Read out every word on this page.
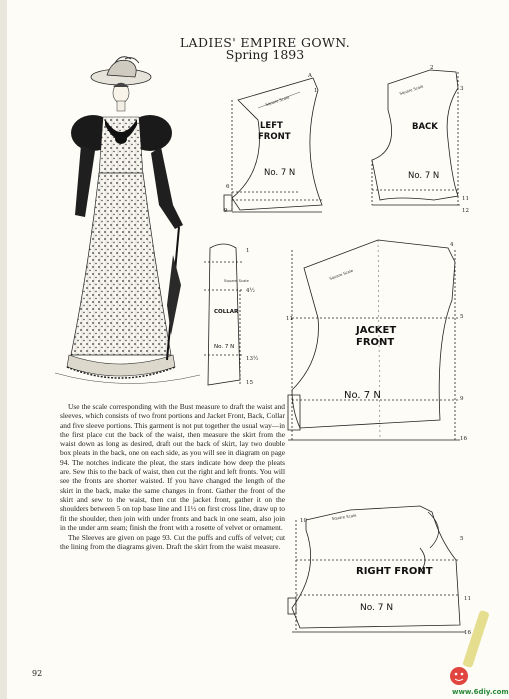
LADIES' EMPIRE GOWN.
Spring 1893
A
1
6
9
2
3
11
12
1
4½
13½
15
4
11	5
9
16
10
5
11
16
LEFT
FRONT
No. 7 N
BACK
No. 7 N
COLLAR
No. 7 N
JACKET
FRONT
No. 7 N
RIGHT FRONT
No. 7 N
Square Scale
Square Scale
Square Scale	Square Scale
Square Scale

Use the scale corresponding with the Bust measure to draft the waist and sleeves, which consists of two front portions and Jacket Front, Back, Collar and five sleeve portions. This garment is not put together the usual way—in the first place cut the back of the waist, then measure the skirt from the waist down as long as desired, draft out the back of skirt, lay two double box pleats in the back, one on each side, as you will see in diagram on page 94. The notches indicate the pleat, the stars indicate how deep the pleats are. Sew this to the back of waist, then cut the right and left fronts. You will see the fronts are shorter waisted. If you have changed the length of the skirt in the back, make the same changes in front. Gather the front of the skirt and sew to the waist, then cut the jacket front, gather it on the shoulders between 5 on top base line and 11½ on first cross line, draw up to fit the shoulder, then join with under fronts and back in one seam, also join in the under arm seam; finish the front with a rosette of velvet or ornament.

The Sleeves are given on page 93. Cut the puffs and cuffs of velvet; cut the lining from the diagrams given. Draft the skirt from the waist measure.

92
www.6diy.com
